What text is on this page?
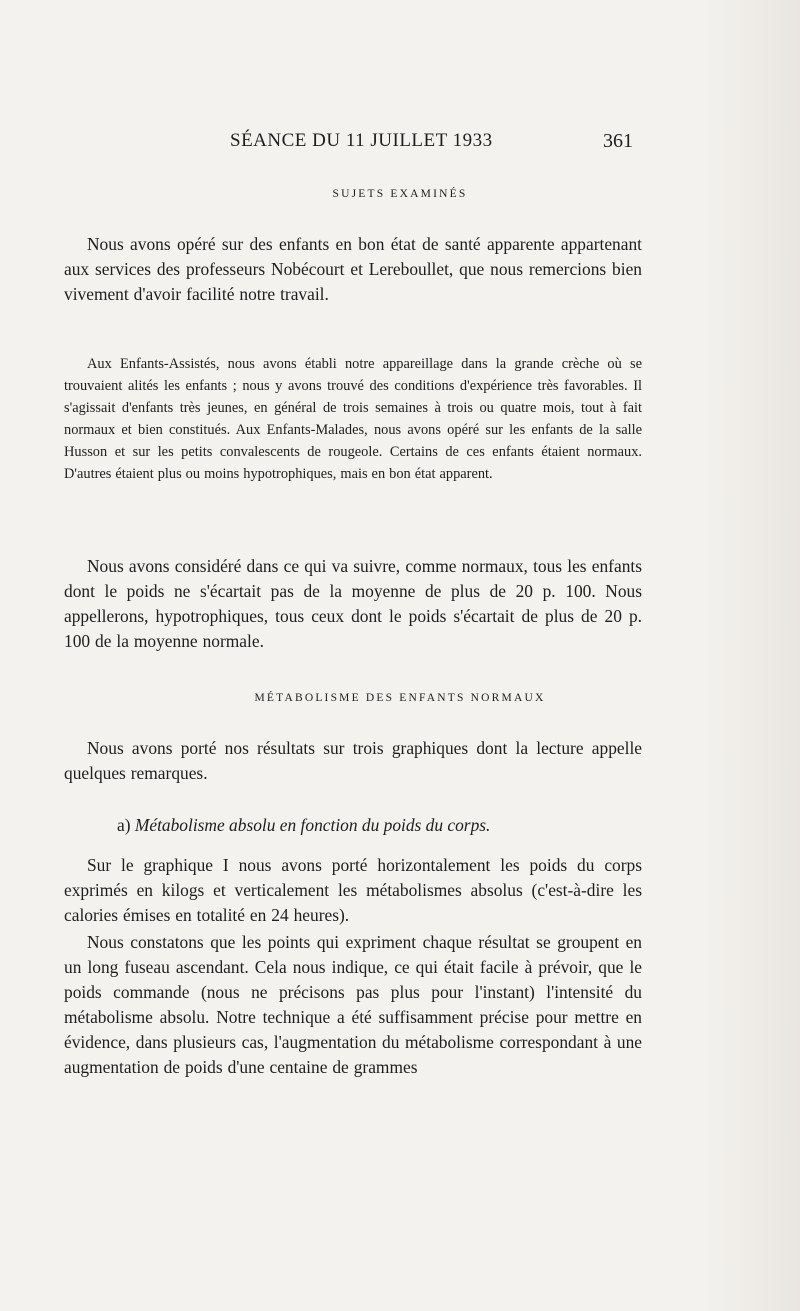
SÉANCE DU 11 JUILLET 1933	361
SUJETS EXAMINÉS

Nous avons opéré sur des enfants en bon état de santé apparente appartenant aux services des professeurs Nobécourt et Lereboullet, que nous remercions bien vivement d'avoir facilité notre travail.

Aux Enfants-Assistés, nous avons établi notre appareillage dans la grande crèche où se trouvaient alités les enfants ; nous y avons trouvé des conditions d'expérience très favorables. Il s'agissait d'enfants très jeunes, en général de trois semaines à trois ou quatre mois, tout à fait normaux et bien constitués. Aux Enfants-Malades, nous avons opéré sur les enfants de la salle Husson et sur les petits convalescents de rougeole. Certains de ces enfants étaient normaux. D'autres étaient plus ou moins hypotrophiques, mais en bon état apparent.

Nous avons considéré dans ce qui va suivre, comme normaux, tous les enfants dont le poids ne s'écartait pas de la moyenne de plus de 20 p. 100. Nous appellerons, hypotrophiques, tous ceux dont le poids s'écartait de plus de 20 p. 100 de la moyenne normale.

MÉTABOLISME DES ENFANTS NORMAUX

Nous avons porté nos résultats sur trois graphiques dont la lecture appelle quelques remarques.

a) Métabolisme absolu en fonction du poids du corps.

Sur le graphique I nous avons porté horizontalement les poids du corps exprimés en kilogs et verticalement les métabolismes absolus (c'est-à-dire les calories émises en totalité en 24 heures).

Nous constatons que les points qui expriment chaque résultat se groupent en un long fuseau ascendant. Cela nous indique, ce qui était facile à prévoir, que le poids commande (nous ne précisons pas plus pour l'instant) l'intensité du métabolisme absolu. Notre technique a été suffisamment précise pour mettre en évidence, dans plusieurs cas, l'augmentation du métabolisme correspondant à une augmentation de poids d'une centaine de grammes
